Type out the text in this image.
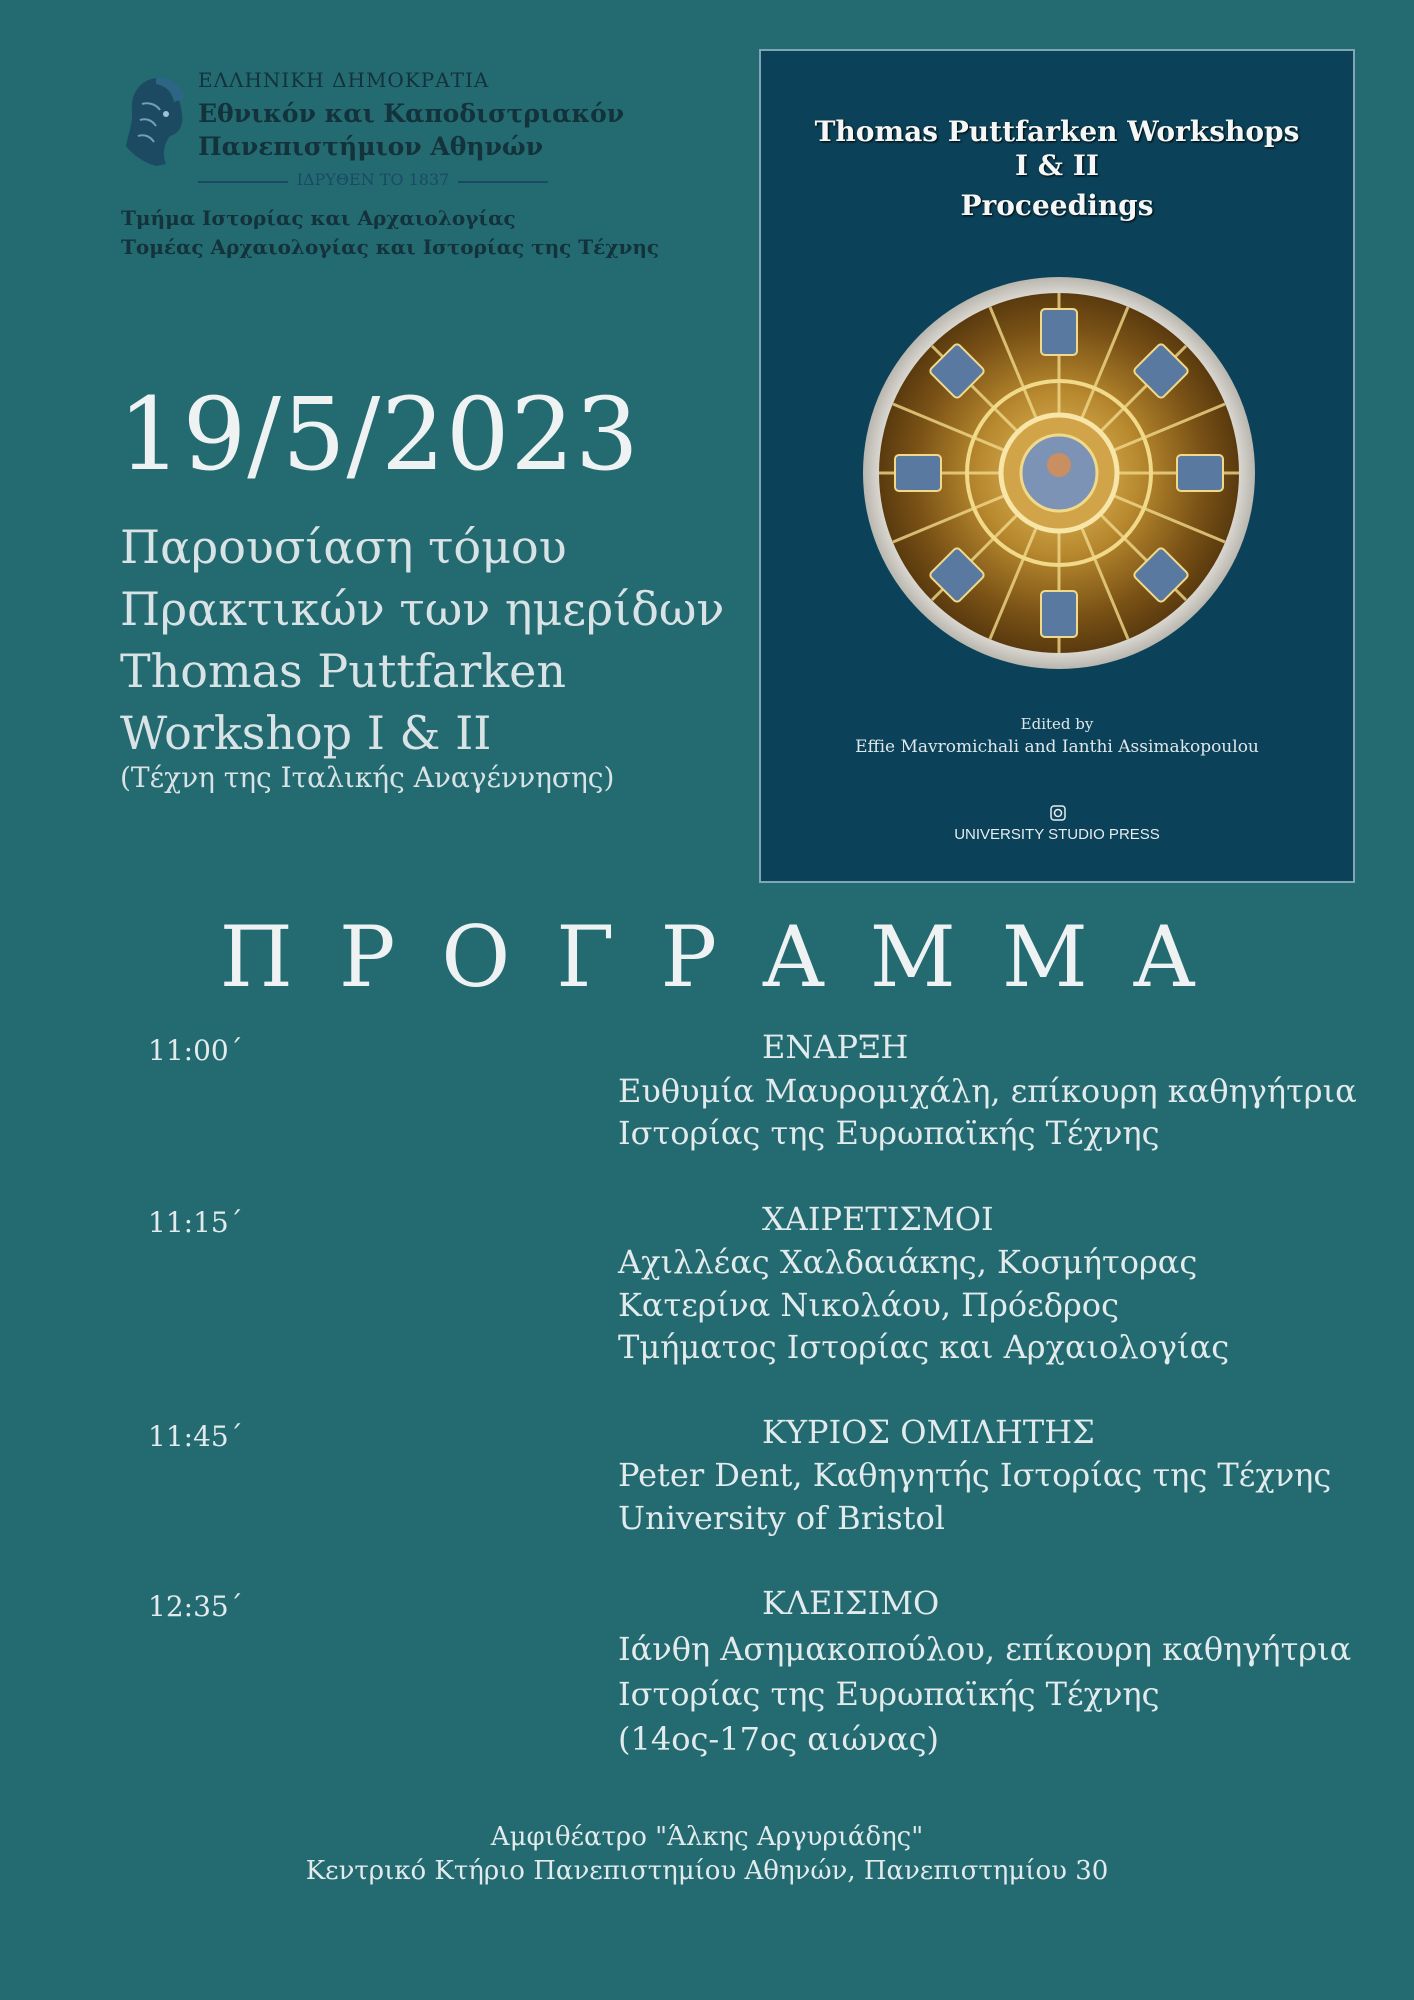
ΕΛΛΗΝΙΚΗ ΔΗΜΟΚΡΑΤΙΑ
Εθνικόν και Καποδιστριακόν
Πανεπιστήμιον Αθηνών
ΙΔΡΥΘΕΝ ΤΟ 1837
Τμήμα Ιστορίας και Αρχαιολογίας
Τομέας Αρχαιολογίας και Ιστορίας της Τέχνης
19/5/2023
Παρουσίαση τόμου
Πρακτικών των ημερίδων
Thomas Puttfarken
Workshop I & II
(Τέχνη της Ιταλικής Αναγέννησης)
Thomas Puttfarken Workshops
I & II
Proceedings
Edited by
Effie Mavromichali and Ianthi Assimakopoulou
UNIVERSITY STUDIO PRESS
ΠΡΟΓΡΑΜΜΑ
11:00΄	ΕΝΑΡΞΗ
Ευθυμία Μαυρομιχάλη, επίκουρη καθηγήτρια
Ιστορίας της Ευρωπαϊκής Τέχνης
11:15΄	ΧΑΙΡΕΤΙΣΜΟΙ
Αχιλλέας Χαλδαιάκης, Κοσμήτορας
Κατερίνα Νικολάου, Πρόεδρος
Τμήματος Ιστορίας και Αρχαιολογίας
11:45΄	ΚΥΡΙΟΣ ΟΜΙΛΗΤΗΣ
Peter Dent, Καθηγητής Ιστορίας της Τέχνης
University of Bristol
12:35΄	ΚΛΕΙΣΙΜΟ
Ιάνθη Ασημακοπούλου, επίκουρη καθηγήτρια
Ιστορίας της Ευρωπαϊκής Τέχνης
(14ος-17ος αιώνας)
Αμφιθέατρο "Άλκης Αργυριάδης"
Κεντρικό Κτήριο Πανεπιστημίου Αθηνών, Πανεπιστημίου 30
